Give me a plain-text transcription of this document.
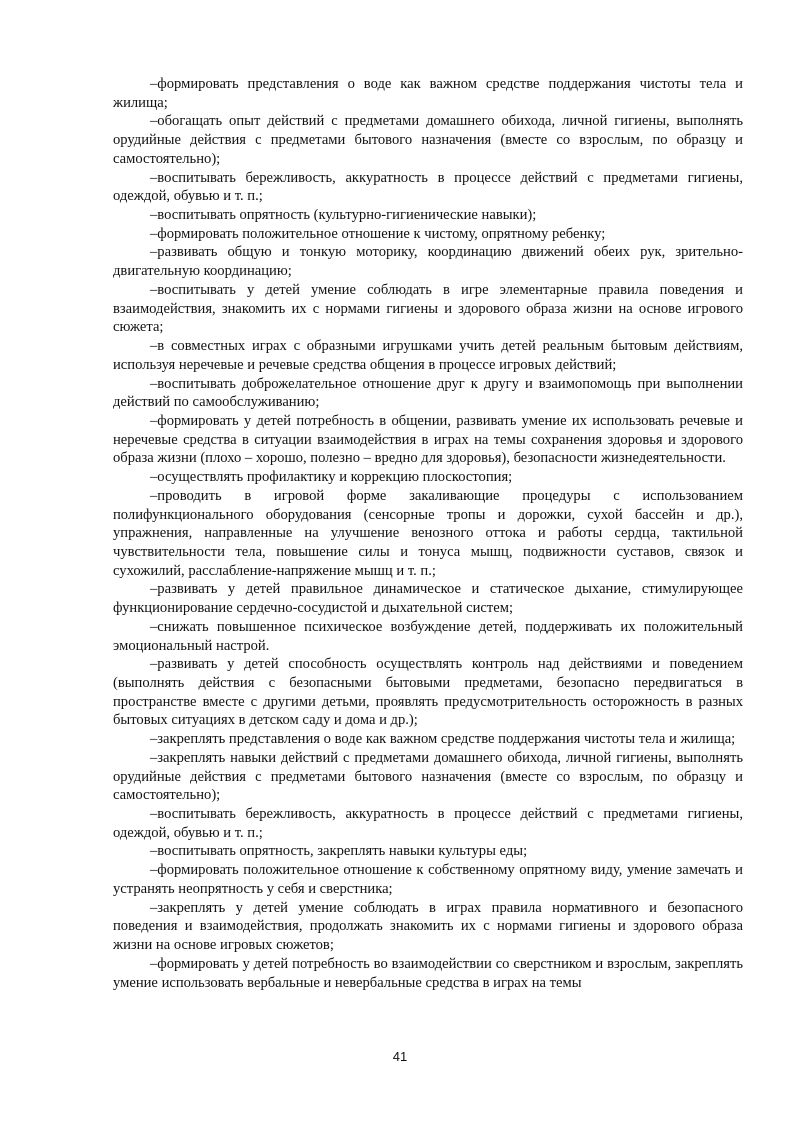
–формировать представления о воде как важном средстве поддержания чистоты тела и жилища;

–обогащать опыт действий с предметами домашнего обихода, личной гигиены, выполнять орудийные действия с предметами бытового назначения (вместе со взрослым, по образцу и самостоятельно);

–воспитывать бережливость, аккуратность в процессе действий с предметами гигиены, одеждой, обувью и т. п.;

–воспитывать опрятность (культурно-гигиенические навыки);

–формировать положительное отношение к чистому, опрятному ребенку;

–развивать общую и тонкую моторику, координацию движений обеих рук, зрительно-двигательную координацию;

–воспитывать у детей умение соблюдать в игре элементарные правила поведения и взаимодействия, знакомить их с нормами гигиены и здорового образа жизни на основе игрового сюжета;

–в совместных играх с образными игрушками учить детей реальным бытовым действиям, используя неречевые и речевые средства общения в процессе игровых действий;

–воспитывать доброжелательное отношение друг к другу и взаимопомощь при выполнении действий по самообслуживанию;

–формировать у детей потребность в общении, развивать умение их использовать речевые и неречевые средства в ситуации взаимодействия в играх на темы сохранения здоровья и здорового образа жизни (плохо – хорошо, полезно – вредно для здоровья), безопасности жизнедеятельности.

–осуществлять профилактику и коррекцию плоскостопия;

–проводить в игровой форме закаливающие процедуры с использованием полифункционального оборудования (сенсорные тропы и дорожки, сухой бассейн и др.), упражнения, направленные на улучшение венозного оттока и работы сердца, тактильной чувствительности тела, повышение силы и тонуса мышц, подвижности суставов, связок и сухожилий, расслабление-напряжение мышц и т. п.;

–развивать у детей правильное динамическое и статическое дыхание, стимулирующее функционирование сердечно-сосудистой и дыхательной систем;

–снижать повышенное психическое возбуждение детей, поддерживать их положительный эмоциональный настрой.

–развивать у детей способность осуществлять контроль над действиями и поведением (выполнять действия с безопасными бытовыми предметами, безопасно передвигаться в пространстве вместе с другими детьми, проявлять предусмотрительность осторожность в разных бытовых ситуациях в детском саду и дома и др.);

–закреплять представления о воде как важном средстве поддержания чистоты тела и жилища;

–закреплять навыки действий с предметами домашнего обихода, личной гигиены, выполнять орудийные действия с предметами бытового назначения (вместе со взрослым, по образцу и самостоятельно);

–воспитывать бережливость, аккуратность в процессе действий с предметами гигиены, одеждой, обувью и т. п.;

–воспитывать опрятность, закреплять навыки культуры еды;

–формировать положительное отношение к собственному опрятному виду, умение замечать и устранять неопрятность у себя и сверстника;

–закреплять у детей умение соблюдать в играх правила нормативного и безопасного поведения и взаимодействия, продолжать знакомить их с нормами гигиены и здорового образа жизни на основе игровых сюжетов;

–формировать у детей потребность во взаимодействии со сверстником и взрослым, закреплять умение использовать вербальные и невербальные средства в играх на темы

41
